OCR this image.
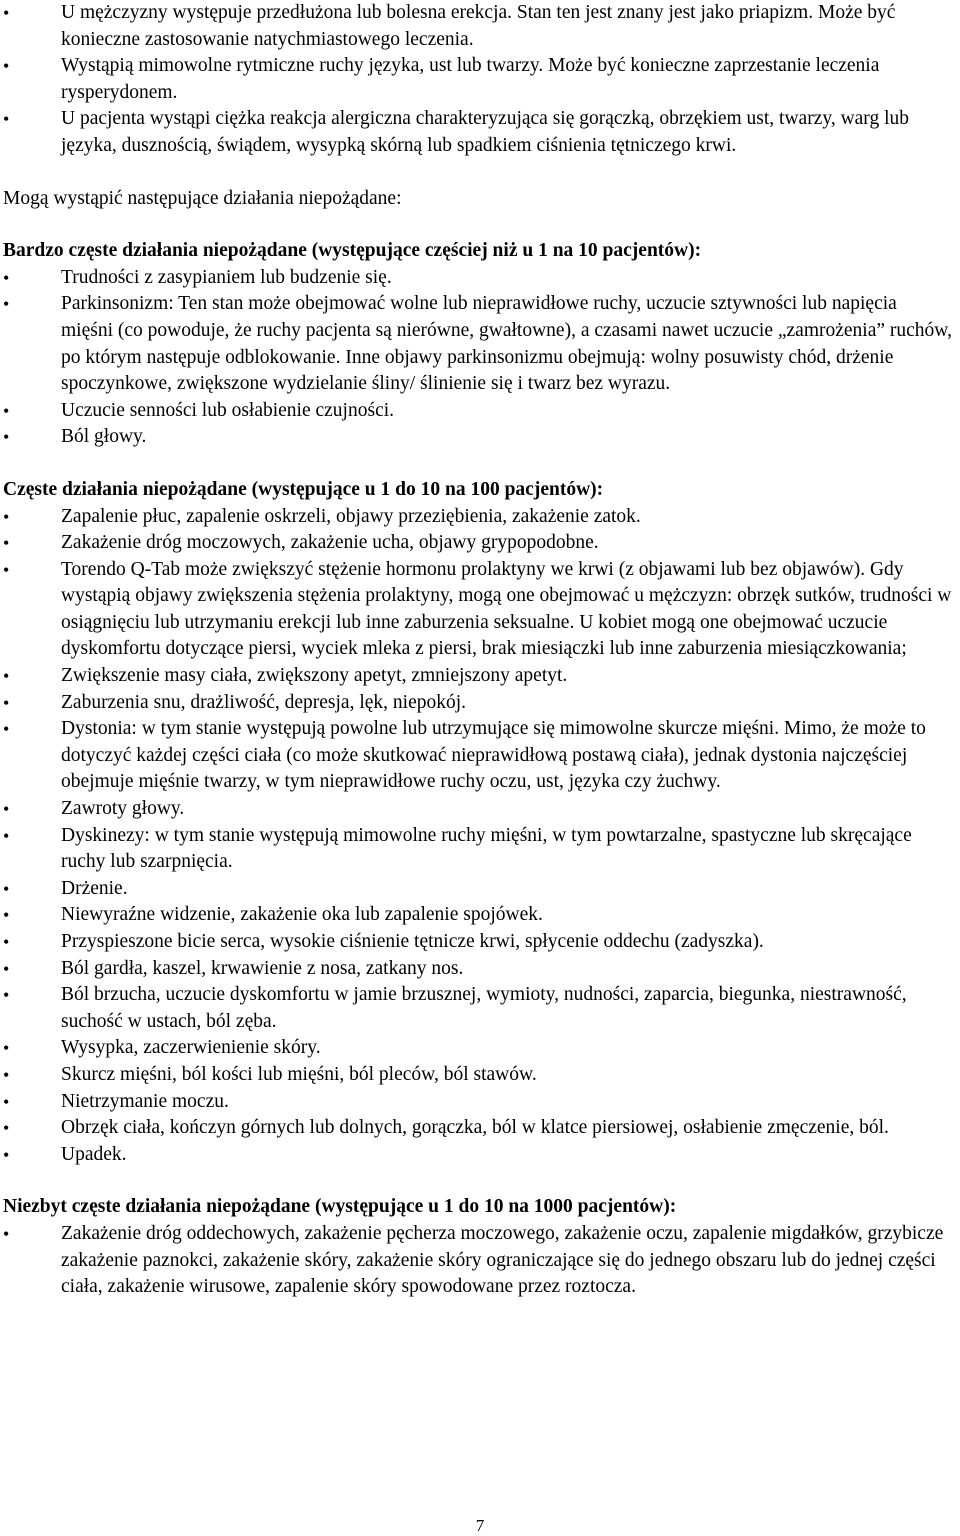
•	U mężczyzny występuje przedłużona lub bolesna erekcja. Stan ten jest znany jest jako priapizm. Może być konieczne zastosowanie natychmiastowego leczenia.
•	Wystąpią mimowolne rytmiczne ruchy języka, ust lub twarzy. Może być konieczne zaprzestanie leczenia rysperydonem.
•	U pacjenta wystąpi ciężka reakcja alergiczna charakteryzująca się gorączką, obrzękiem ust, twarzy, warg lub języka, dusznością, świądem, wysypką skórną lub spadkiem ciśnienia tętniczego krwi.

Mogą wystąpić następujące działania niepożądane:

Bardzo częste działania niepożądane (występujące częściej niż u 1 na 10 pacjentów):

•	Trudności z zasypianiem lub budzenie się.
•	Parkinsonizm: Ten stan może obejmować wolne lub nieprawidłowe ruchy, uczucie sztywności lub napięcia mięśni (co powoduje, że ruchy pacjenta są nierówne, gwałtowne), a czasami nawet uczucie „zamrożenia” ruchów, po którym następuje odblokowanie. Inne objawy parkinsonizmu obejmują: wolny posuwisty chód, drżenie spoczynkowe, zwiększone wydzielanie śliny/ ślinienie się i twarz bez wyrazu.
•	Uczucie senności lub osłabienie czujności.
•	Ból głowy.

Częste działania niepożądane (występujące u 1 do 10 na 100 pacjentów):

•	Zapalenie płuc, zapalenie oskrzeli, objawy przeziębienia, zakażenie zatok.
•	Zakażenie dróg moczowych, zakażenie ucha, objawy grypopodobne.
•	Torendo Q-Tab może zwiększyć stężenie hormonu prolaktyny we krwi (z objawami lub bez objawów). Gdy wystąpią objawy zwiększenia stężenia prolaktyny, mogą one obejmować u mężczyzn: obrzęk sutków, trudności w osiągnięciu lub utrzymaniu erekcji lub inne zaburzenia seksualne. U kobiet mogą one obejmować uczucie dyskomfortu dotyczące piersi, wyciek mleka z piersi, brak miesiączki lub inne zaburzenia miesiączkowania;
•	Zwiększenie masy ciała, zwiększony apetyt, zmniejszony apetyt.
•	Zaburzenia snu, drażliwość, depresja, lęk, niepokój.
•	Dystonia: w tym stanie występują powolne lub utrzymujące się mimowolne skurcze mięśni. Mimo, że może to dotyczyć każdej części ciała (co może skutkować nieprawidłową postawą ciała), jednak dystonia najczęściej obejmuje mięśnie twarzy, w tym nieprawidłowe ruchy oczu, ust, języka czy żuchwy.
•	Zawroty głowy.
•	Dyskinezy: w tym stanie występują mimowolne ruchy mięśni, w tym powtarzalne, spastyczne lub skręcające ruchy lub szarpnięcia.
•	Drżenie.
•	Niewyraźne widzenie, zakażenie oka lub zapalenie spojówek.
•	Przyspieszone bicie serca, wysokie ciśnienie tętnicze krwi, spłycenie oddechu (zadyszka).
•	Ból gardła, kaszel, krwawienie z nosa, zatkany nos.
•	Ból brzucha, uczucie dyskomfortu w jamie brzusznej, wymioty, nudności, zaparcia, biegunka, niestrawność, suchość w ustach, ból zęba.
•	Wysypka, zaczerwienienie skóry.
•	Skurcz mięśni, ból kości lub mięśni, ból pleców, ból stawów.
•	Nietrzymanie moczu.
•	Obrzęk ciała, kończyn górnych lub dolnych, gorączka, ból w klatce piersiowej, osłabienie zmęczenie, ból.
•	Upadek.

Niezbyt częste działania niepożądane (występujące u 1 do 10 na 1000 pacjentów):

•	Zakażenie dróg oddechowych, zakażenie pęcherza moczowego, zakażenie oczu, zapalenie migdałków, grzybicze zakażenie paznokci, zakażenie skóry, zakażenie skóry ograniczające się do jednego obszaru lub do jednej części ciała, zakażenie wirusowe, zapalenie skóry spowodowane przez roztocza.
7
